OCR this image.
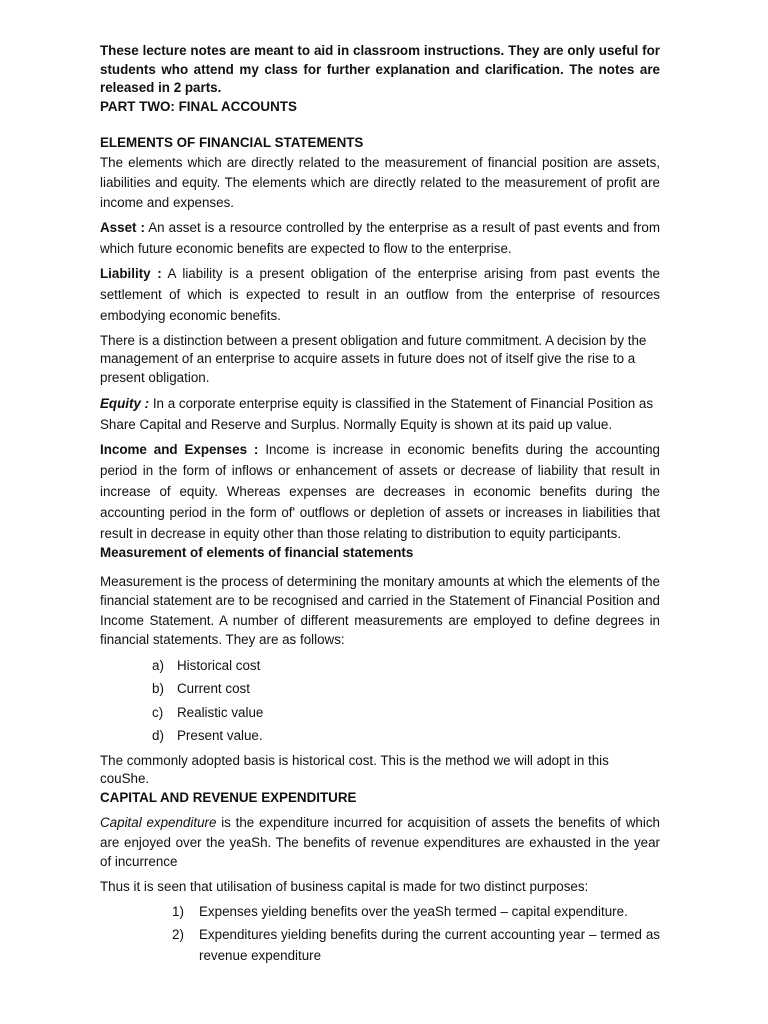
These lecture notes are meant to aid in classroom instructions. They are only useful for students who attend my class for further explanation and clarification. The notes are released in 2 parts.

PART TWO: FINAL ACCOUNTS

ELEMENTS OF FINANCIAL STATEMENTS

The elements which are directly related to the measurement of financial position are assets, liabilities and equity. The elements which are directly related to the measurement of profit are income and expenses.

Asset : An asset is a resource controlled by the enterprise as a result of past events and from which future economic benefits are expected to flow to the enterprise.

Liability : A liability is a present obligation of the enterprise arising from past events the settlement of which is expected to result in an outflow from the enterprise of resources embodying economic benefits.

There is a distinction between a present obligation and future commitment. A decision by the management of an enterprise to acquire assets in future does not of itself give the rise to a present obligation.

Equity : In a corporate enterprise equity is classified in the Statement of Financial Position as Share Capital and Reserve and Surplus. Normally Equity is shown at its paid up value.

Income and Expenses : Income is increase in economic benefits during the accounting period in the form of inflows or enhancement of assets or decrease of liability that result in increase of equity. Whereas expenses are decreases in economic benefits during the accounting period in the form of' outflows or depletion of assets or increases in liabilities that result in decrease in equity other than those relating to distribution to equity participants.

Measurement of elements of financial statements

Measurement is the process of determining the monitary amounts at which the elements of the financial statement are to be recognised and carried in the Statement of Financial Position and Income Statement. A number of different measurements are employed to define degrees in financial statements. They are as follows:

a) Historical cost
b) Current cost
c) Realistic value
d) Present value.

The commonly adopted basis is historical cost. This is the method we will adopt in this couShe.

CAPITAL AND REVENUE EXPENDITURE

Capital expenditure is the expenditure incurred for acquisition of assets the benefits of which are enjoyed over the yeaSh. The benefits of revenue expenditures are exhausted in the year of incurrence

Thus it is seen that utilisation of business capital is made for two distinct purposes:

1) Expenses yielding benefits over the yeaSh termed – capital expenditure.
2) Expenditures yielding benefits during the current accounting year – termed as revenue expenditure
